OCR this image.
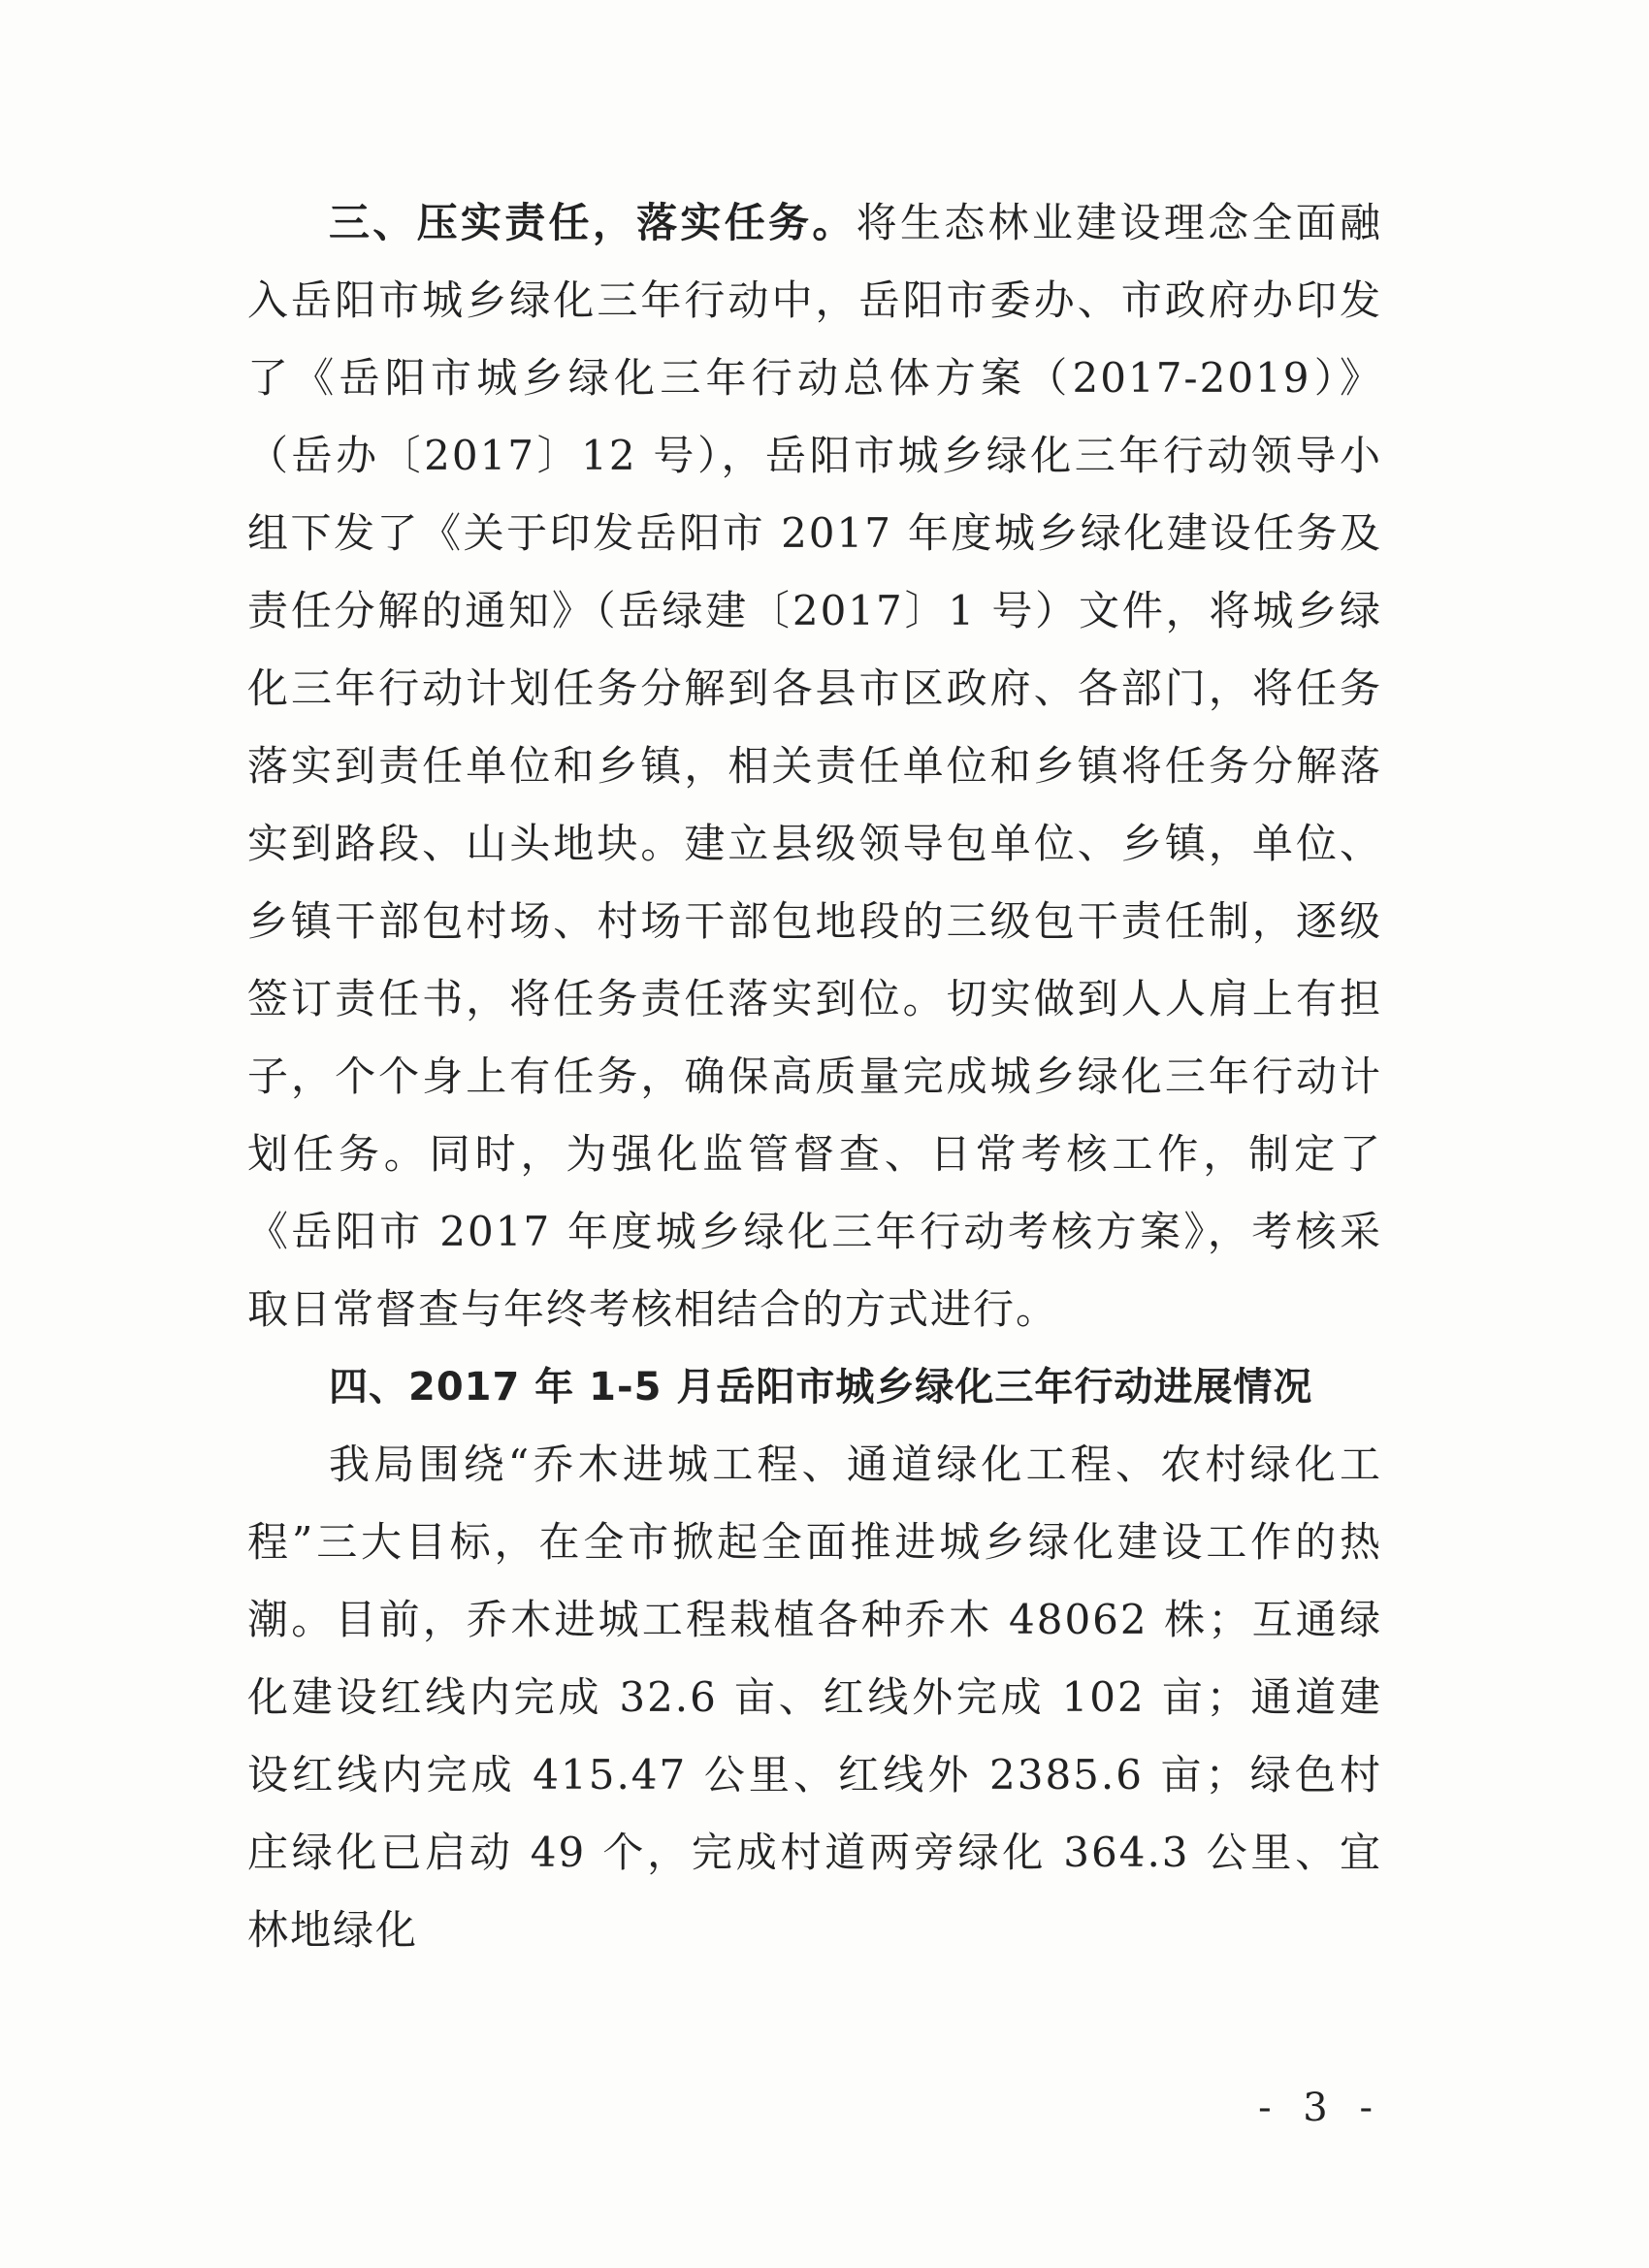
三、压实责任，落实任务。将生态林业建设理念全面融入岳阳市城乡绿化三年行动中，岳阳市委办、市政府办印发了《岳阳市城乡绿化三年行动总体方案（2017-2019）》（岳办〔2017〕12 号），岳阳市城乡绿化三年行动领导小组下发了《关于印发岳阳市 2017 年度城乡绿化建设任务及责任分解的通知》（岳绿建〔2017〕1 号）文件，将城乡绿化三年行动计划任务分解到各县市区政府、各部门，将任务落实到责任单位和乡镇，相关责任单位和乡镇将任务分解落实到路段、山头地块。建立县级领导包单位、乡镇，单位、乡镇干部包村场、村场干部包地段的三级包干责任制，逐级签订责任书，将任务责任落实到位。切实做到人人肩上有担子，个个身上有任务，确保高质量完成城乡绿化三年行动计划任务。同时，为强化监管督查、日常考核工作，制定了《岳阳市 2017 年度城乡绿化三年行动考核方案》，考核采取日常督查与年终考核相结合的方式进行。

四、2017 年 1-5 月岳阳市城乡绿化三年行动进展情况

我局围绕“乔木进城工程、通道绿化工程、农村绿化工程”三大目标，在全市掀起全面推进城乡绿化建设工作的热潮。目前，乔木进城工程栽植各种乔木 48062 株；互通绿化建设红线内完成 32.6 亩、红线外完成 102 亩；通道建设红线内完成 415.47 公里、红线外 2385.6 亩；绿色村庄绿化已启动 49 个，完成村道两旁绿化 364.3 公里、宜林地绿化

- 3 -
